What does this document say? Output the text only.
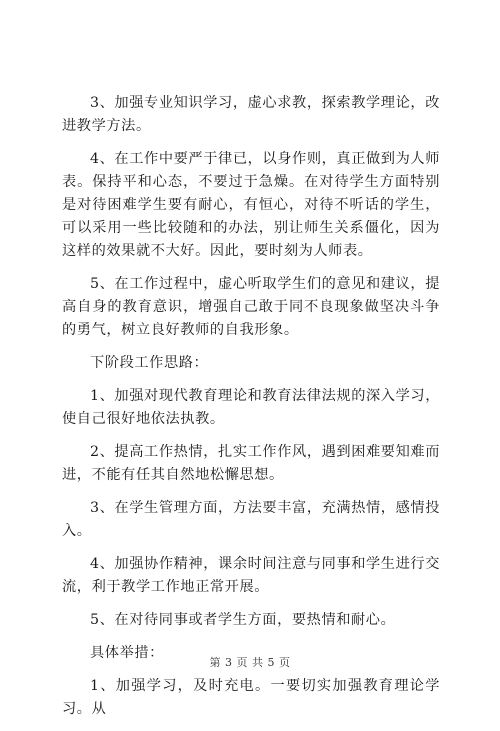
3、加强专业知识学习，虚心求教，探索教学理论，改进教学方法。

4、在工作中要严于律已，以身作则，真正做到为人师表。保持平和心态，不要过于急燥。在对待学生方面特别是对待困难学生要有耐心，有恒心，对待不听话的学生，可以采用一些比较随和的办法，别让师生关系僵化，因为这样的效果就不大好。因此，要时刻为人师表。

5、在工作过程中，虚心听取学生们的意见和建议，提高自身的教育意识，增强自己敢于同不良现象做坚决斗争的勇气，树立良好教师的自我形象。

下阶段工作思路：

1、加强对现代教育理论和教育法律法规的深入学习，使自己很好地依法执教。

2、提高工作热情，扎实工作作风，遇到困难要知难而进，不能有任其自然地松懈思想。

3、在学生管理方面，方法要丰富，充满热情，感情投入。

4、加强协作精神，课余时间注意与同事和学生进行交流，利于教学工作地正常开展。

5、在对待同事或者学生方面，要热情和耐心。

具体举措：

1、加强学习，及时充电。一要切实加强教育理论学习。从

第 3 页 共 5 页
